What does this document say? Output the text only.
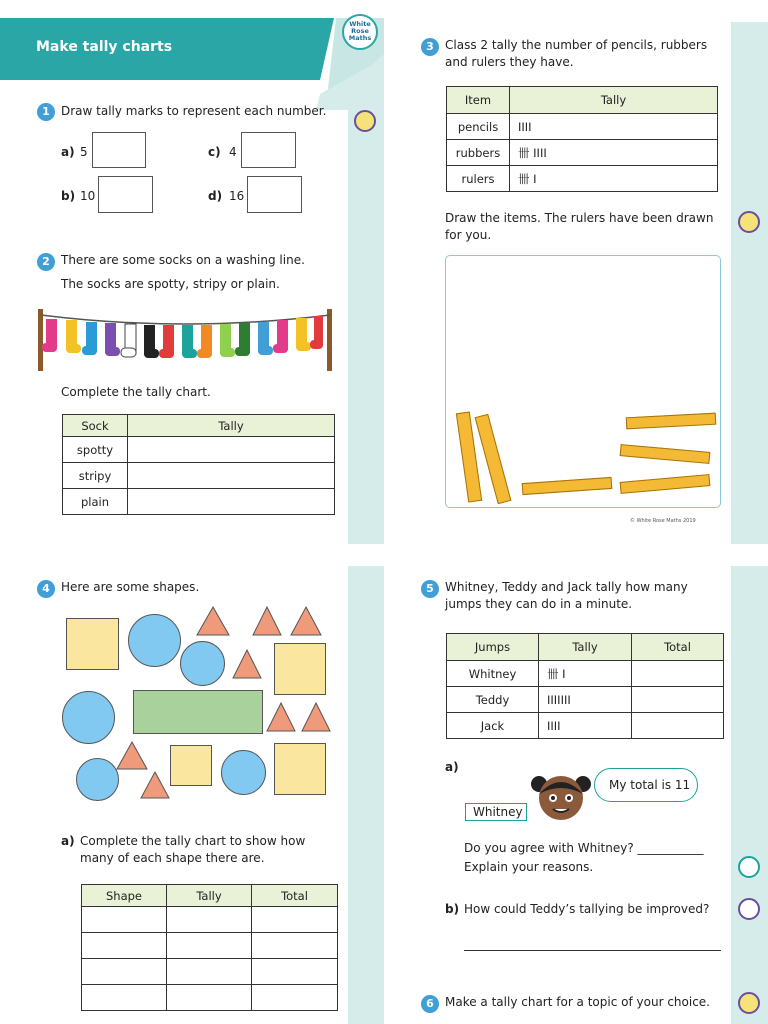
Make tally charts
White
Rose
Maths
1 Draw tally marks to represent each number.
a) 5	c) 4
b) 10	d) 16
2 There are some socks on a washing line.
The socks are spotty, stripy or plain.
Complete the tally chart.
Sock	Tally
spotty	
stripy	
plain	
3 Class 2 tally the number of pencils, rubbers and rulers they have.
Item	Tally
pencils	IIII
rubbers	卌 IIII
rulers	卌 I
Draw the items. The rulers have been drawn for you.
© White Rose Maths 2019
4 Here are some shapes.
a) Complete the tally chart to show how many of each shape there are.
Shape	Tally	Total

5 Whitney, Teddy and Jack tally how many jumps they can do in a minute.
Jumps	Tally	Total
Whitney	卌 I	
Teddy	IIIIIII	
Jack	IIII	
a)
My total is 11
Whitney
Do you agree with Whitney? ___________
Explain your reasons.
b) How could Teddy’s tallying be improved?
6 Make a tally chart for a topic of your choice.
